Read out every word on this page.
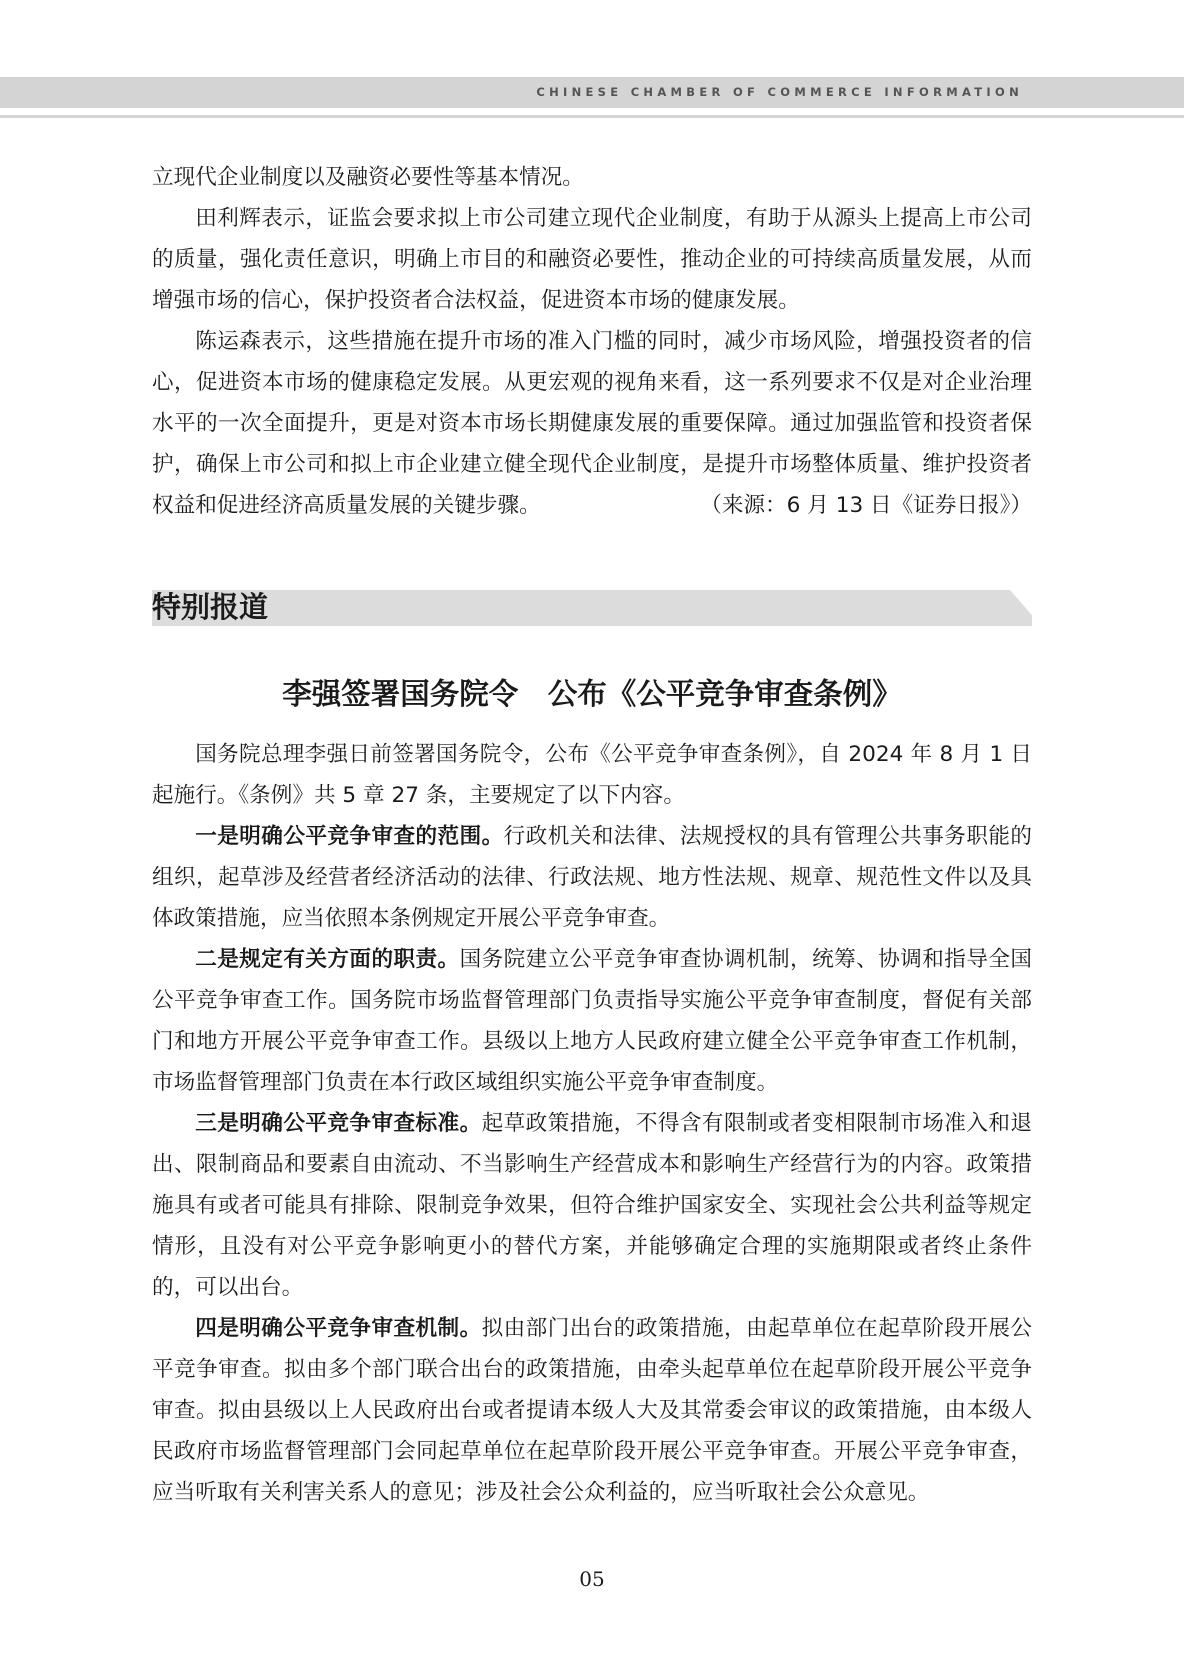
CHINESE CHAMBER OF COMMERCE INFORMATION

立现代企业制度以及融资必要性等基本情况。

田利辉表示，证监会要求拟上市公司建立现代企业制度，有助于从源头上提高上市公司的质量，强化责任意识，明确上市目的和融资必要性，推动企业的可持续高质量发展，从而增强市场的信心，保护投资者合法权益，促进资本市场的健康发展。

陈运森表示，这些措施在提升市场的准入门槛的同时，减少市场风险，增强投资者的信心，促进资本市场的健康稳定发展。从更宏观的视角来看，这一系列要求不仅是对企业治理水平的一次全面提升，更是对资本市场长期健康发展的重要保障。通过加强监管和投资者保护，确保上市公司和拟上市企业建立健全现代企业制度，是提升市场整体质量、维护投资者权益和促进经济高质量发展的关键步骤。	（来源：6 月 13 日《证券日报》）

特别报道
李强签署国务院令　公布《公平竞争审查条例》

国务院总理李强日前签署国务院令，公布《公平竞争审查条例》，自 2024 年 8 月 1 日起施行。《条例》共 5 章 27 条，主要规定了以下内容。

一是明确公平竞争审查的范围。行政机关和法律、法规授权的具有管理公共事务职能的组织，起草涉及经营者经济活动的法律、行政法规、地方性法规、规章、规范性文件以及具体政策措施，应当依照本条例规定开展公平竞争审查。

二是规定有关方面的职责。国务院建立公平竞争审查协调机制，统筹、协调和指导全国公平竞争审查工作。国务院市场监督管理部门负责指导实施公平竞争审查制度，督促有关部门和地方开展公平竞争审查工作。县级以上地方人民政府建立健全公平竞争审查工作机制，市场监督管理部门负责在本行政区域组织实施公平竞争审查制度。

三是明确公平竞争审查标准。起草政策措施，不得含有限制或者变相限制市场准入和退出、限制商品和要素自由流动、不当影响生产经营成本和影响生产经营行为的内容。政策措施具有或者可能具有排除、限制竞争效果，但符合维护国家安全、实现社会公共利益等规定情形，且没有对公平竞争影响更小的替代方案，并能够确定合理的实施期限或者终止条件的，可以出台。

四是明确公平竞争审查机制。拟由部门出台的政策措施，由起草单位在起草阶段开展公平竞争审查。拟由多个部门联合出台的政策措施，由牵头起草单位在起草阶段开展公平竞争审查。拟由县级以上人民政府出台或者提请本级人大及其常委会审议的政策措施，由本级人民政府市场监督管理部门会同起草单位在起草阶段开展公平竞争审查。开展公平竞争审查，应当听取有关利害关系人的意见；涉及社会公众利益的，应当听取社会公众意见。

05
